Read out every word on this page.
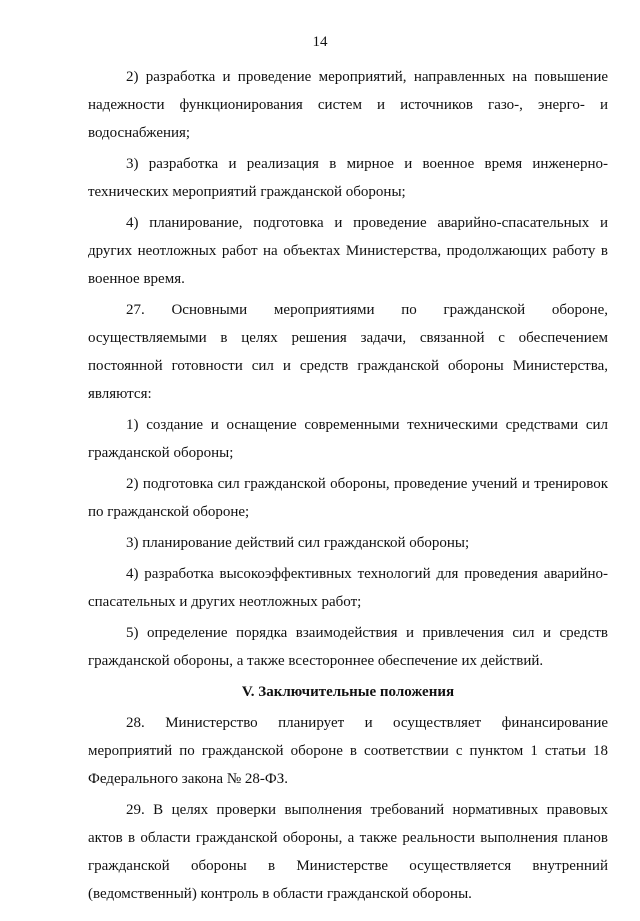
14

2) разработка и проведение мероприятий, направленных на повышение надежности функционирования систем и источников газо-, энерго- и водоснабжения;

3) разработка и реализация в мирное и военное время инженерно-технических мероприятий гражданской обороны;

4) планирование, подготовка и проведение аварийно-спасательных и других неотложных работ на объектах Министерства, продолжающих работу в военное время.

27. Основными мероприятиями по гражданской обороне, осуществляемыми в целях решения задачи, связанной с обеспечением постоянной готовности сил и средств гражданской обороны Министерства, являются:

1) создание и оснащение современными техническими средствами сил гражданской обороны;

2) подготовка сил гражданской обороны, проведение учений и тренировок по гражданской обороне;

3) планирование действий сил гражданской обороны;

4) разработка высокоэффективных технологий для проведения аварийно-спасательных и других неотложных работ;

5) определение порядка взаимодействия и привлечения сил и средств гражданской обороны, а также всестороннее обеспечение их действий.

V. Заключительные положения

28. Министерство планирует и осуществляет финансирование мероприятий по гражданской обороне в соответствии с пунктом 1 статьи 18 Федерального закона № 28-ФЗ.

29. В целях проверки выполнения требований нормативных правовых актов в области гражданской обороны, а также реальности выполнения планов гражданской обороны в Министерстве осуществляется внутренний (ведомственный) контроль в области гражданской обороны.
